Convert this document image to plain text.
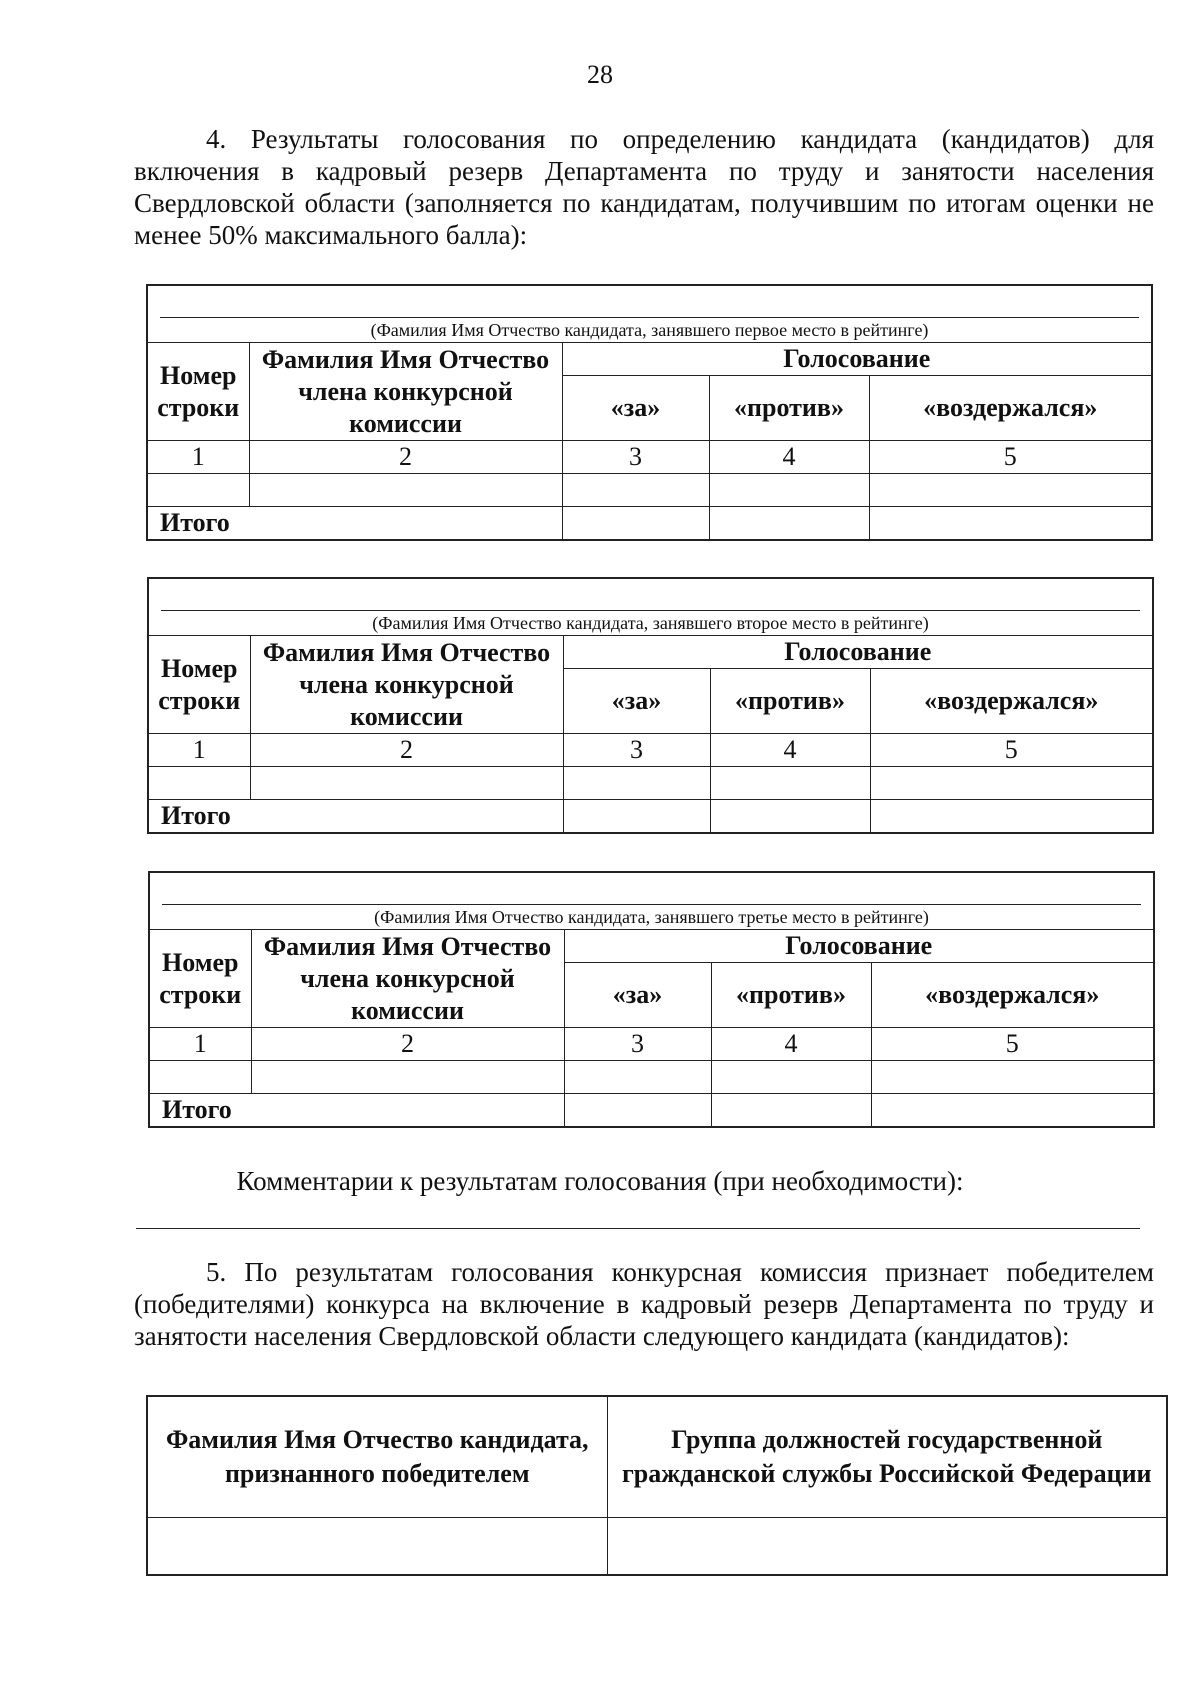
28
4. Результаты голосования по определению кандидата (кандидатов) для включения в кадровый резерв Департамента по труду и занятости населения Свердловской области (заполняется по кандидатам, получившим по итогам оценки не менее 50% максимального балла):
(Фамилия Имя Отчество кандидата, занявшего первое место в рейтинге)				

Номер строки	Фамилия Имя Отчество члена конкурсной комиссии	Голосование		
		«за»	«против»	«воздержался»
1	2	3	4	5

Итого				
(Фамилия Имя Отчество кандидата, занявшего второе место в рейтинге)				

Номер строки	Фамилия Имя Отчество члена конкурсной комиссии	Голосование		
		«за»	«против»	«воздержался»
1	2	3	4	5

Итого				
(Фамилия Имя Отчество кандидата, занявшего третье место в рейтинге)				

Номер строки	Фамилия Имя Отчество члена конкурсной комиссии	Голосование		
		«за»	«против»	«воздержался»
1	2	3	4	5

Итого				
Комментарии к результатам голосования (при необходимости):
5. По результатам голосования конкурсная комиссия признает победителем (победителями) конкурса на включение в кадровый резерв Департамента по труду и занятости населения Свердловской области следующего кандидата (кандидатов):
Фамилия Имя Отчество кандидата, признанного победителем	Группа должностей государственной гражданской службы Российской Федерации
